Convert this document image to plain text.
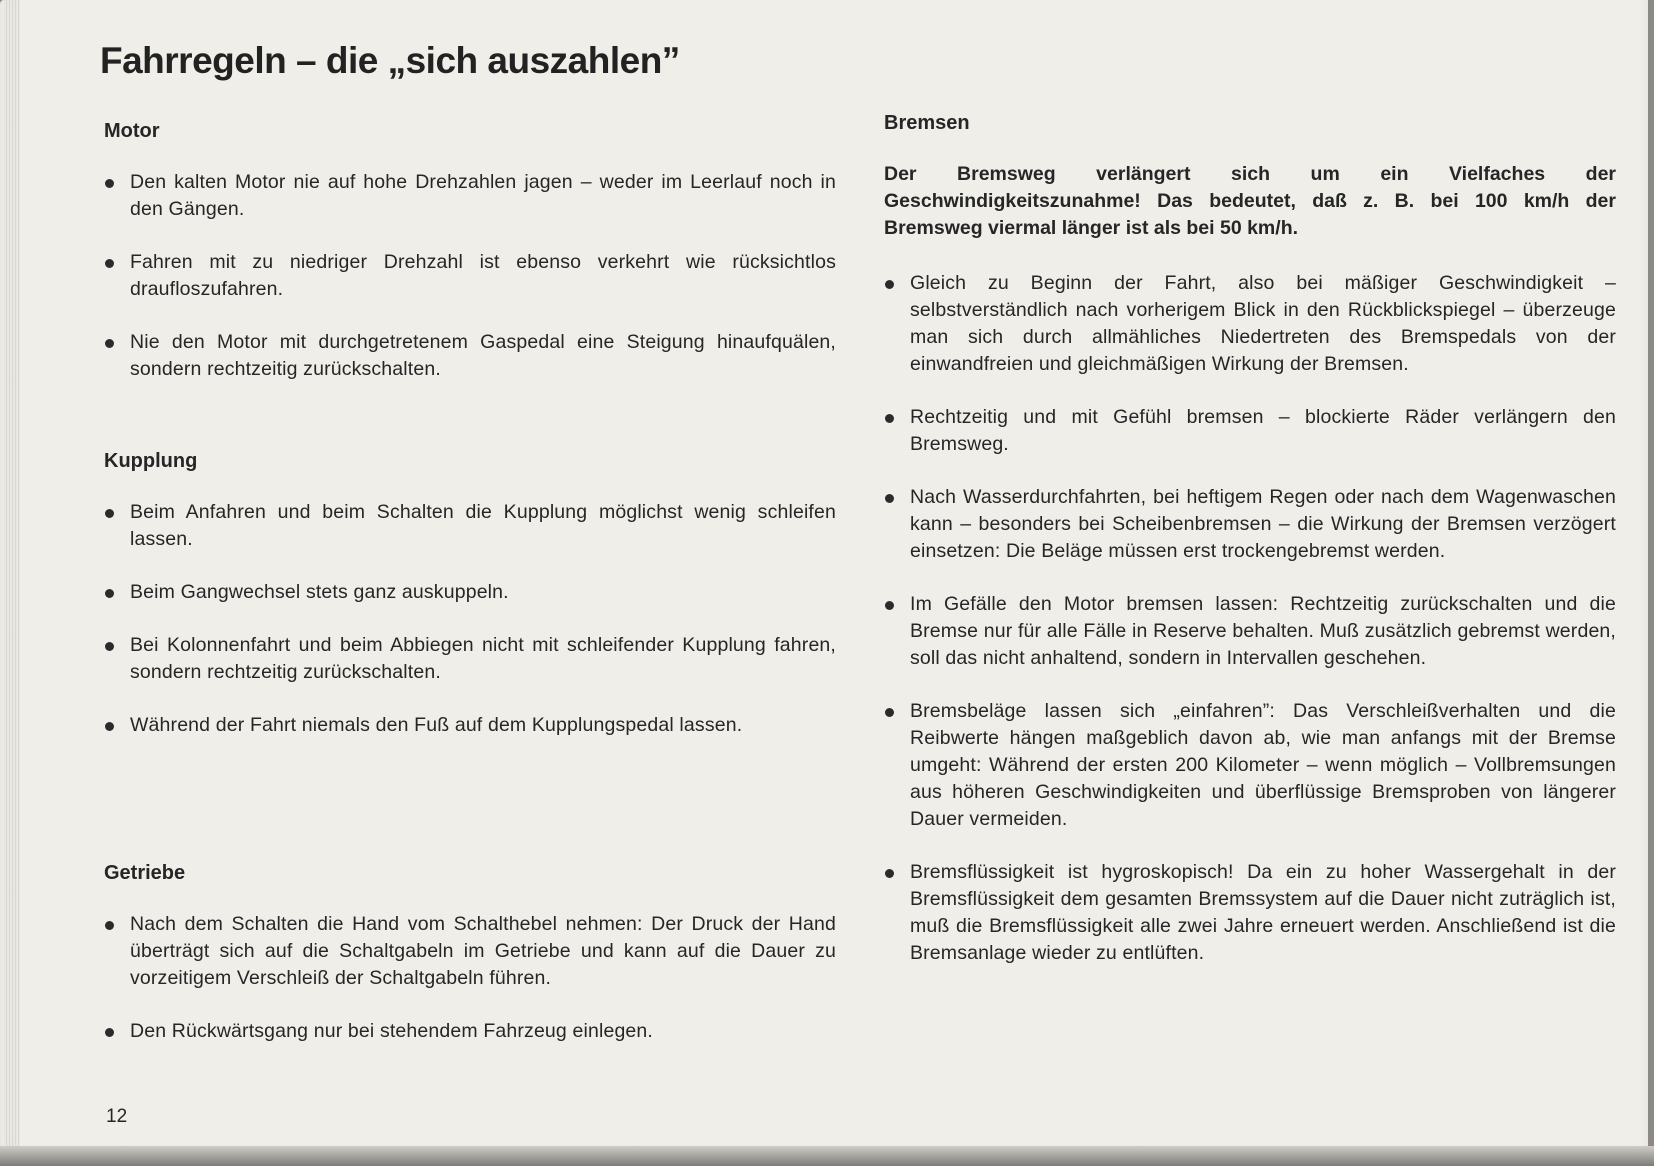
Fahrregeln – die „sich auszahlen”
Motor
Den kalten Motor nie auf hohe Drehzahlen jagen – weder im Leerlauf noch in den Gängen.
Fahren mit zu niedriger Drehzahl ist ebenso verkehrt wie rücksichtlos draufloszufahren.
Nie den Motor mit durchgetretenem Gaspedal eine Steigung hinaufquälen, sondern rechtzeitig zurückschalten.
Kupplung
Beim Anfahren und beim Schalten die Kupplung möglichst wenig schleifen lassen.
Beim Gangwechsel stets ganz auskuppeln.
Bei Kolonnenfahrt und beim Abbiegen nicht mit schleifender Kupplung fahren, sondern rechtzeitig zurückschalten.
Während der Fahrt niemals den Fuß auf dem Kupplungspedal lassen.
Getriebe
Nach dem Schalten die Hand vom Schalthebel nehmen: Der Druck der Hand überträgt sich auf die Schaltgabeln im Getriebe und kann auf die Dauer zu vorzeitigem Verschleiß der Schaltgabeln führen.
Den Rückwärtsgang nur bei stehendem Fahrzeug einlegen.
Bremsen

Der Bremsweg verlängert sich um ein Vielfaches der Geschwindigkeitszunahme! Das bedeutet, daß z. B. bei 100 km/h der Bremsweg viermal länger ist als bei 50 km/h.

Gleich zu Beginn der Fahrt, also bei mäßiger Geschwindigkeit – selbstverständlich nach vorherigem Blick in den Rückblickspiegel – überzeuge man sich durch allmähliches Niedertreten des Bremspedals von der einwandfreien und gleichmäßigen Wirkung der Bremsen.
Rechtzeitig und mit Gefühl bremsen – blockierte Räder verlängern den Bremsweg.
Nach Wasserdurchfahrten, bei heftigem Regen oder nach dem Wagenwaschen kann – besonders bei Scheibenbremsen – die Wirkung der Bremsen verzögert einsetzen: Die Beläge müssen erst trockengebremst werden.
Im Gefälle den Motor bremsen lassen: Rechtzeitig zurückschalten und die Bremse nur für alle Fälle in Reserve behalten. Muß zusätzlich gebremst werden, soll das nicht anhaltend, sondern in Intervallen geschehen.
Bremsbeläge lassen sich „einfahren”: Das Verschleißverhalten und die Reibwerte hängen maßgeblich davon ab, wie man anfangs mit der Bremse umgeht: Während der ersten 200 Kilometer – wenn möglich – Vollbremsungen aus höheren Geschwindigkeiten und überflüssige Bremsproben von längerer Dauer vermeiden.
Bremsflüssigkeit ist hygroskopisch! Da ein zu hoher Wassergehalt in der Bremsflüssigkeit dem gesamten Bremssystem auf die Dauer nicht zuträglich ist, muß die Bremsflüssigkeit alle zwei Jahre erneuert werden. Anschließend ist die Bremsanlage wieder zu entlüften.
12
